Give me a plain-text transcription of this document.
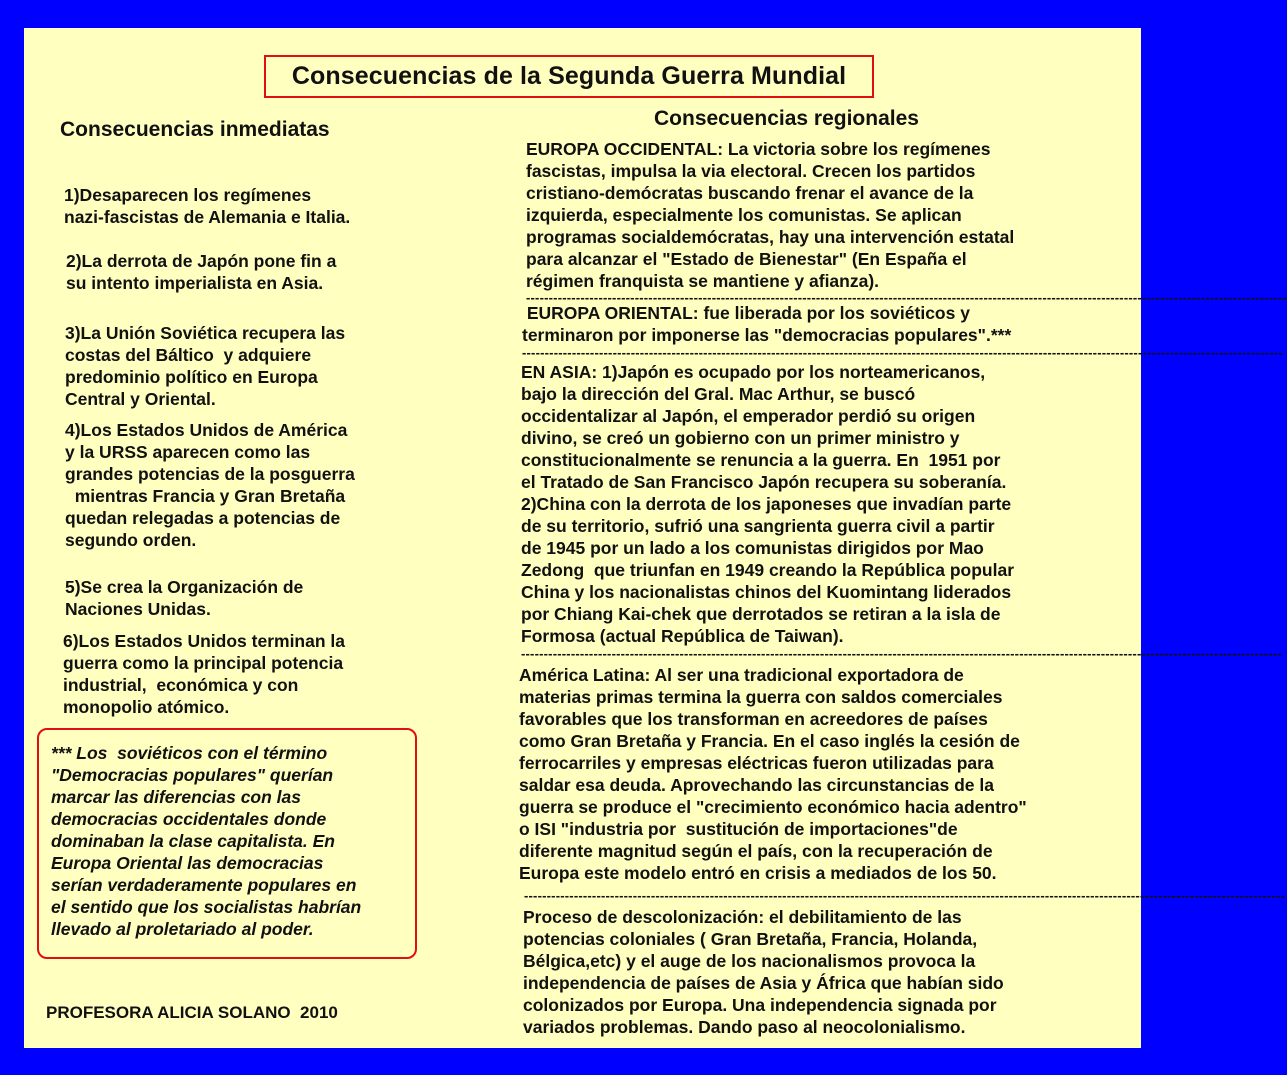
Consecuencias de la Segunda Guerra Mundial
Consecuencias inmediatas
1)Desaparecen los regímenes
nazi-fascistas de Alemania e Italia.
2)La derrota de Japón pone fin a
su intento imperialista en Asia.
3)La Unión Soviética recupera las
costas del Báltico  y adquiere
predominio político en Europa
Central y Oriental.
4)Los Estados Unidos de América
y la URSS aparecen como las
grandes potencias de la posguerra
mientras Francia y Gran Bretaña
quedan relegadas a potencias de
segundo orden.
5)Se crea la Organización de
Naciones Unidas.
6)Los Estados Unidos terminan la
guerra como la principal potencia
industrial,  económica y con
monopolio atómico.
*** Los  soviéticos con el término
"Democracias populares" querían
marcar las diferencias con las
democracias occidentales donde
dominaban la clase capitalista. En
Europa Oriental las democracias
serían verdaderamente populares en
el sentido que los socialistas habrían
llevado al proletariado al poder.
PROFESORA ALICIA SOLANO  2010
Consecuencias regionales
EUROPA OCCIDENTAL: La victoria sobre los regímenes
fascistas, impulsa la via electoral. Crecen los partidos
cristiano-demócratas buscando frenar el avance de la
izquierda, especialmente los comunistas. Se aplican
programas socialdemócratas, hay una intervención estatal
para alcanzar el "Estado de Bienestar" (En España el
régimen franquista se mantiene y afianza).
------------------------------------------------------------------------------------------------------------------------------------------------------------------------
EUROPA ORIENTAL: fue liberada por los soviéticos y
terminaron por imponerse las "democracias populares".***
------------------------------------------------------------------------------------------------------------------------------------------------------------------------
EN ASIA: 1)Japón es ocupado por los norteamericanos,
bajo la dirección del Gral. Mac Arthur, se buscó
occidentalizar al Japón, el emperador perdió su origen
divino, se creó un gobierno con un primer ministro y
constitucionalmente se renuncia a la guerra. En  1951 por
el Tratado de San Francisco Japón recupera su soberanía.
2)China con la derrota de los japoneses que invadían parte
de su territorio, sufrió una sangrienta guerra civil a partir
de 1945 por un lado a los comunistas dirigidos por Mao
Zedong  que triunfan en 1949 creando la República popular
China y los nacionalistas chinos del Kuomintang liderados
por Chiang Kai-chek que derrotados se retiran a la isla de
Formosa (actual República de Taiwan).
------------------------------------------------------------------------------------------------------------------------------------------------------------------------
América Latina: Al ser una tradicional exportadora de
materias primas termina la guerra con saldos comerciales
favorables que los transforman en acreedores de países
como Gran Bretaña y Francia. En el caso inglés la cesión de
ferrocarriles y empresas eléctricas fueron utilizadas para
saldar esa deuda. Aprovechando las circunstancias de la
guerra se produce el "crecimiento económico hacia adentro"
o ISI "industria por  sustitución de importaciones"de
diferente magnitud según el país, con la recuperación de
Europa este modelo entró en crisis a mediados de los 50.
------------------------------------------------------------------------------------------------------------------------------------------------------------------------
Proceso de descolonización: el debilitamiento de las
potencias coloniales ( Gran Bretaña, Francia, Holanda,
Bélgica,etc) y el auge de los nacionalismos provoca la
independencia de países de Asia y África que habían sido
colonizados por Europa. Una independencia signada por
variados problemas. Dando paso al neocolonialismo.
